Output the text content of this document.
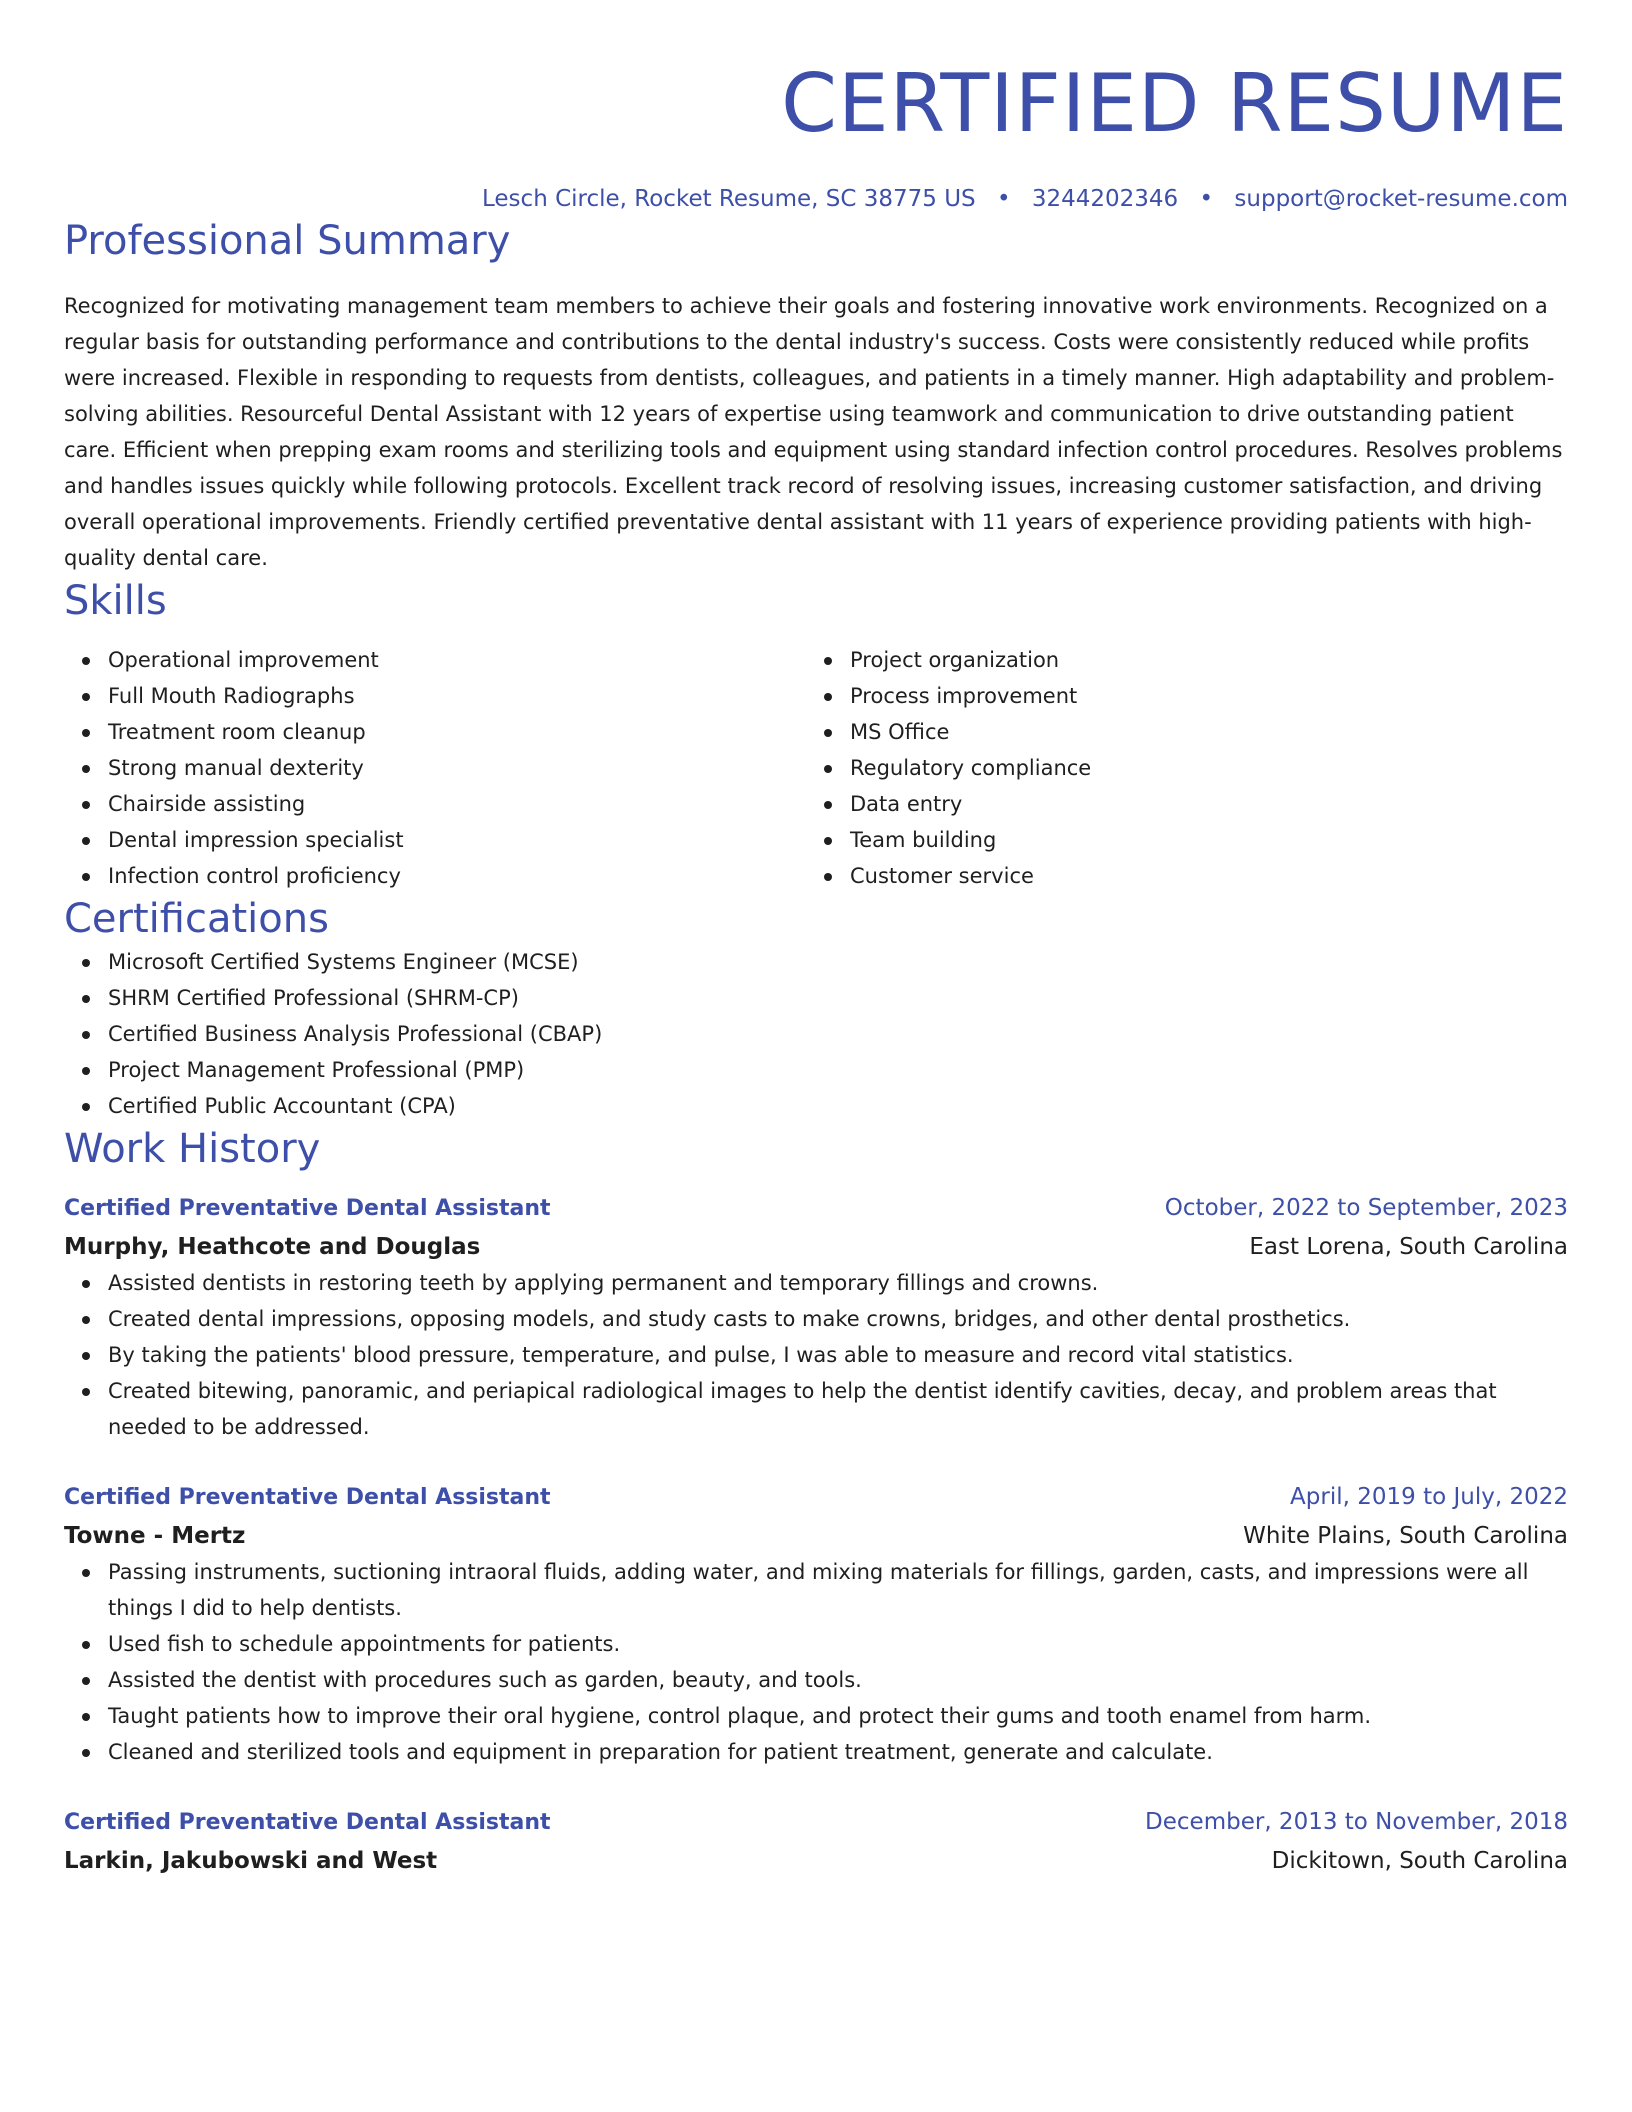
CERTIFIED RESUME
Lesch Circle, Rocket Resume, SC 38775 US • 3244202346 • support@rocket-resume.com
Professional Summary
Recognized for motivating management team members to achieve their goals and fostering innovative work environments. Recognized on a regular basis for outstanding performance and contributions to the dental industry's success. Costs were consistently reduced while profits were increased. Flexible in responding to requests from dentists, colleagues, and patients in a timely manner. High adaptability and problem-solving abilities. Resourceful Dental Assistant with 12 years of expertise using teamwork and communication to drive outstanding patient care. Efficient when prepping exam rooms and sterilizing tools and equipment using standard infection control procedures. Resolves problems and handles issues quickly while following protocols. Excellent track record of resolving issues, increasing customer satisfaction, and driving overall operational improvements. Friendly certified preventative dental assistant with 11 years of experience providing patients with high-quality dental care.
Skills
Operational improvement
Full Mouth Radiographs
Treatment room cleanup
Strong manual dexterity
Chairside assisting
Dental impression specialist
Infection control proficiency
Project organization
Process improvement
MS Office
Regulatory compliance
Data entry
Team building
Customer service
Certifications
Microsoft Certified Systems Engineer (MCSE)
SHRM Certified Professional (SHRM-CP)
Certified Business Analysis Professional (CBAP)
Project Management Professional (PMP)
Certified Public Accountant (CPA)
Work History
Certified Preventative Dental Assistant	October, 2022 to September, 2023
Murphy, Heathcote and Douglas	East Lorena, South Carolina
Assisted dentists in restoring teeth by applying permanent and temporary fillings and crowns.
Created dental impressions, opposing models, and study casts to make crowns, bridges, and other dental prosthetics.
By taking the patients' blood pressure, temperature, and pulse, I was able to measure and record vital statistics.
Created bitewing, panoramic, and periapical radiological images to help the dentist identify cavities, decay, and problem areas that needed to be addressed.
Certified Preventative Dental Assistant	April, 2019 to July, 2022
Towne - Mertz	White Plains, South Carolina
Passing instruments, suctioning intraoral fluids, adding water, and mixing materials for fillings, garden, casts, and impressions were all things I did to help dentists.
Used fish to schedule appointments for patients.
Assisted the dentist with procedures such as garden, beauty, and tools.
Taught patients how to improve their oral hygiene, control plaque, and protect their gums and tooth enamel from harm.
Cleaned and sterilized tools and equipment in preparation for patient treatment, generate and calculate.
Certified Preventative Dental Assistant	December, 2013 to November, 2018
Larkin, Jakubowski and West	Dickitown, South Carolina
